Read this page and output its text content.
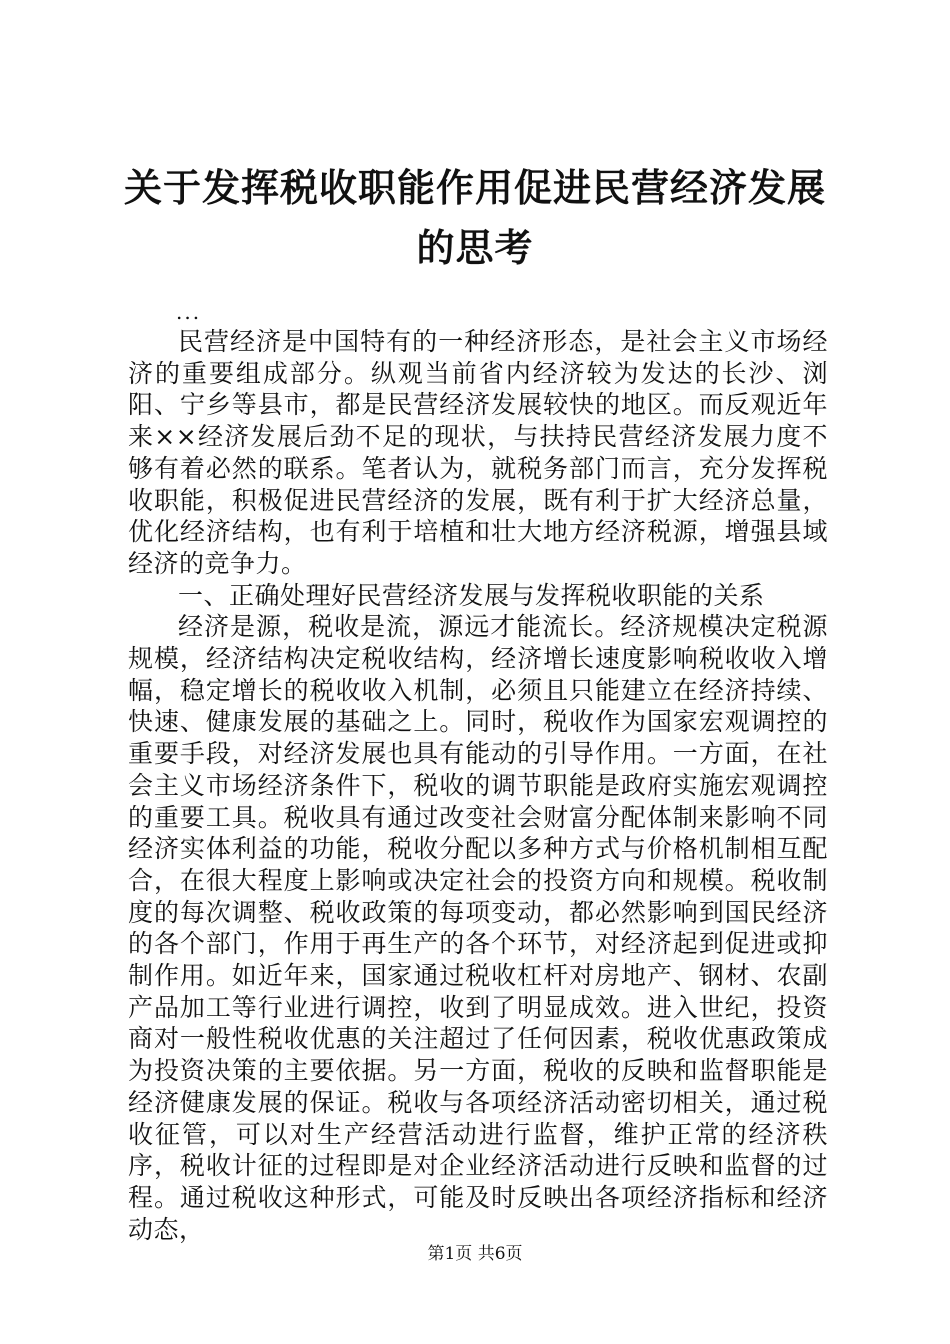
关于发挥税收职能作用促进民营经济发展的思考
...

民营经济是中国特有的一种经济形态，是社会主义市场经济的重要组成部分。纵观当前省内经济较为发达的长沙、浏阳、宁乡等县市，都是民营经济发展较快的地区。而反观近年来××经济发展后劲不足的现状，与扶持民营经济发展力度不够有着必然的联系。笔者认为，就税务部门而言，充分发挥税收职能，积极促进民营经济的发展，既有利于扩大经济总量，优化经济结构，也有利于培植和壮大地方经济税源，增强县域经济的竞争力。

一、正确处理好民营经济发展与发挥税收职能的关系

经济是源，税收是流，源远才能流长。经济规模决定税源规模，经济结构决定税收结构，经济增长速度影响税收收入增幅，稳定增长的税收收入机制，必须且只能建立在经济持续、快速、健康发展的基础之上。同时，税收作为国家宏观调控的重要手段，对经济发展也具有能动的引导作用。一方面，在社会主义市场经济条件下，税收的调节职能是政府实施宏观调控的重要工具。税收具有通过改变社会财富分配体制来影响不同经济实体利益的功能，税收分配以多种方式与价格机制相互配合，在很大程度上影响或决定社会的投资方向和规模。税收制度的每次调整、税收政策的每项变动，都必然影响到国民经济的各个部门，作用于再生产的各个环节，对经济起到促进或抑制作用。如近年来，国家通过税收杠杆对房地产、钢材、农副产品加工等行业进行调控，收到了明显成效。进入世纪，投资商对一般性税收优惠的关注超过了任何因素，税收优惠政策成为投资决策的主要依据。另一方面，税收的反映和监督职能是经济健康发展的保证。税收与各项经济活动密切相关，通过税收征管，可以对生产经营活动进行监督，维护正常的经济秩序，税收计征的过程即是对企业经济活动进行反映和监督的过程。通过税收这种形式，可能及时反映出各项经济指标和经济动态，

第1页 共6页
